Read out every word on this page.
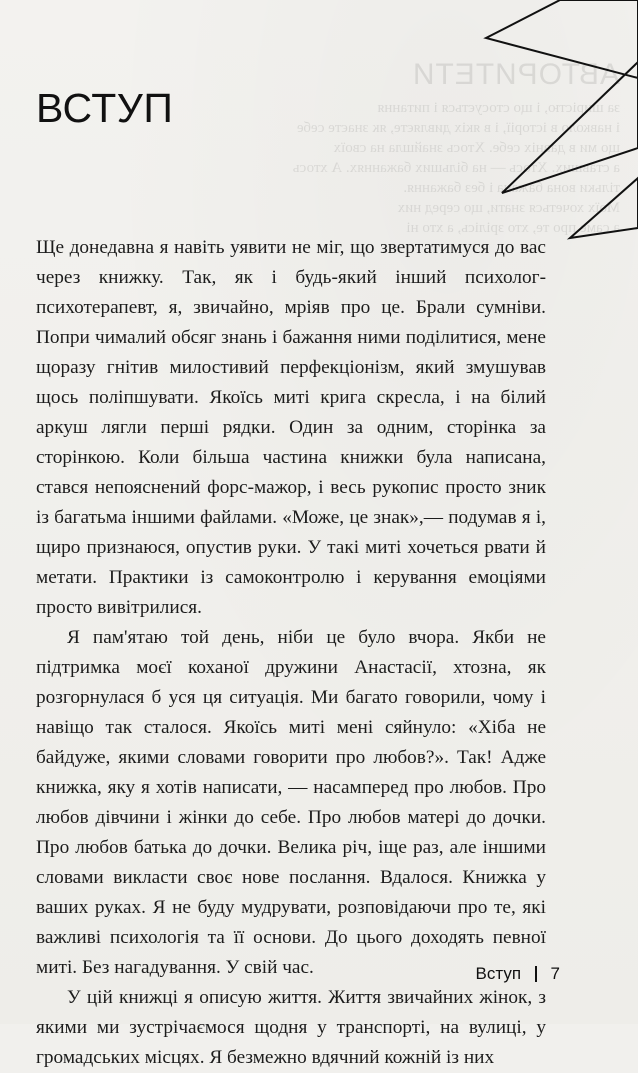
АВТОРИТЕТИ
за ширістю, і що стосується і питання
і навколо в історії, і в якіх дивляєте, як знаєте себе
що ми в давніх себе. Хтось знайшла на своїх
а ставших. Хтось — на більших бажаннях. А хтось
тільки вона бажана і без бажання.
Моїх хочеться знати, що серед них
а саме про те, хто зрілісь, а хто ні
ВСТУП

Ще донедавна я навіть уявити не міг, що звертатимуся до вас через книжку. Так, як і будь-який інший психолог-психотерапевт, я, звичайно, мріяв про це. Брали сумніви. Попри чималий обсяг знань і бажання ними поділитися, мене щоразу гнітив милостивий перфекціонізм, який змушував щось поліпшувати. Якоїсь миті крига скресла, і на білий аркуш лягли перші рядки. Один за одним, сторінка за сторінкою. Коли більша частина книжки була написана, стався непояснений форс-мажор, і весь рукопис просто зник із багатьма іншими файлами. «Може, це знак»,— подумав я і, щиро признаюся, опустив руки. У такі миті хочеться рвати й метати. Практики із самоконтролю і керування емоціями просто вивітрилися.

Я пам'ятаю той день, ніби це було вчора. Якби не підтримка моєї коханої дружини Анастасії, хтозна, як розгорнулася б уся ця ситуація. Ми багато говорили, чому і навіщо так сталося. Якоїсь миті мені сяйнуло: «Хіба не байдуже, якими словами говорити про любов?». Так! Адже книжка, яку я хотів написати, — насамперед про любов. Про любов дівчини і жінки до себе. Про любов матері до дочки. Про любов батька до дочки. Велика річ, іще раз, але іншими словами викласти своє нове послання. Вдалося. Книжка у ваших руках. Я не буду мудрувати, розповідаючи про те, які важливі психологія та її основи. До цього доходять певної миті. Без нагадування. У свій час.

У цій книжці я описую життя. Життя звичайних жінок, з якими ми зустрічаємося щодня у транспорті, на вулиці, у громадських місцях. Я безмежно вдячний кожній із них

Вступ 7
